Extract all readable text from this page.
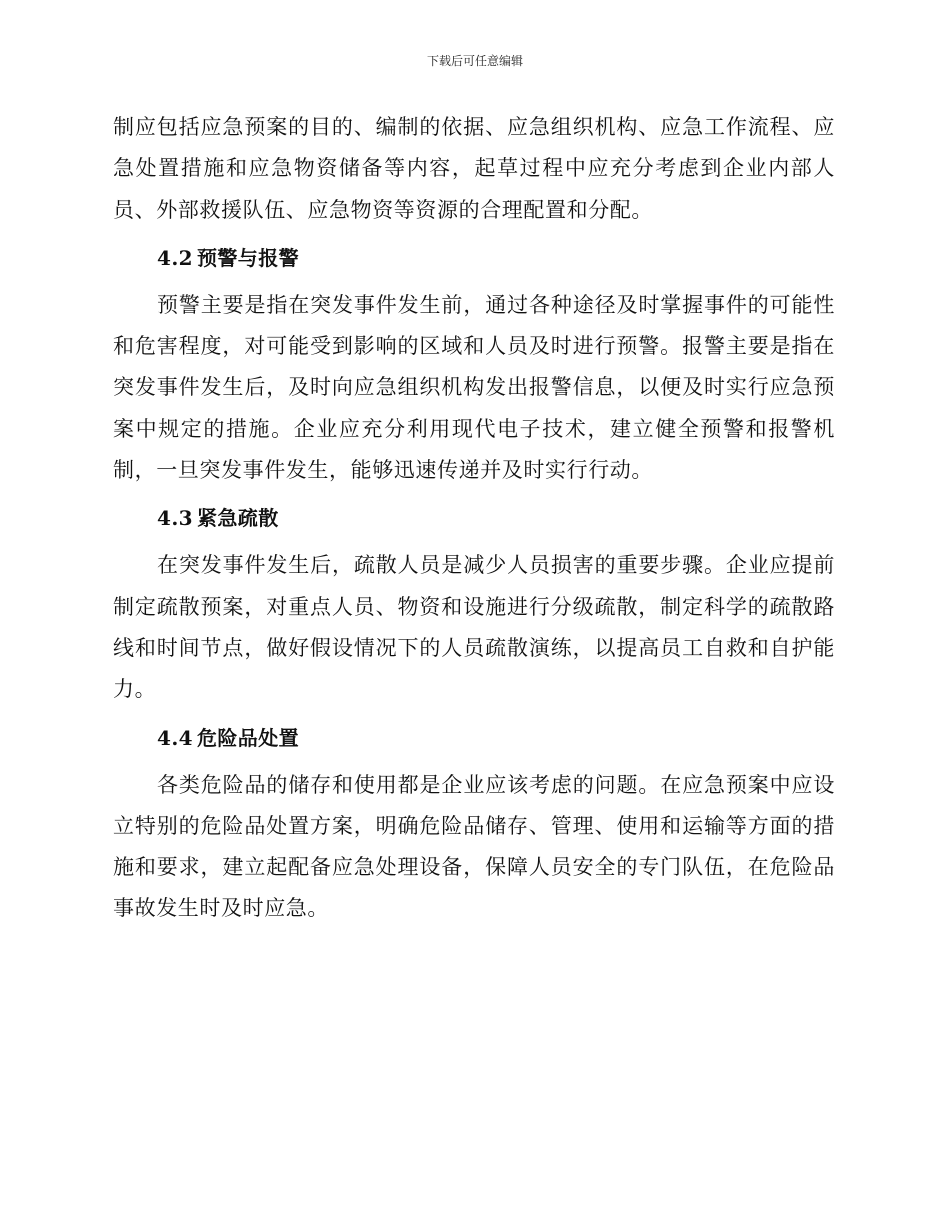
下载后可任意编辑

制应包括应急预案的目的、编制的依据、应急组织机构、应急工作流程、应急处置措施和应急物资储备等内容，起草过程中应充分考虑到企业内部人员、外部救援队伍、应急物资等资源的合理配置和分配。

4.2 预警与报警

预警主要是指在突发事件发生前，通过各种途径及时掌握事件的可能性和危害程度，对可能受到影响的区域和人员及时进行预警。报警主要是指在突发事件发生后，及时向应急组织机构发出报警信息，以便及时实行应急预案中规定的措施。企业应充分利用现代电子技术，建立健全预警和报警机制，一旦突发事件发生，能够迅速传递并及时实行行动。

4.3 紧急疏散

在突发事件发生后，疏散人员是减少人员损害的重要步骤。企业应提前制定疏散预案，对重点人员、物资和设施进行分级疏散，制定科学的疏散路线和时间节点，做好假设情况下的人员疏散演练，以提高员工自救和自护能力。

4.4 危险品处置

各类危险品的储存和使用都是企业应该考虑的问题。在应急预案中应设立特别的危险品处置方案，明确危险品储存、管理、使用和运输等方面的措施和要求，建立起配备应急处理设备，保障人员安全的专门队伍，在危险品事故发生时及时应急。
